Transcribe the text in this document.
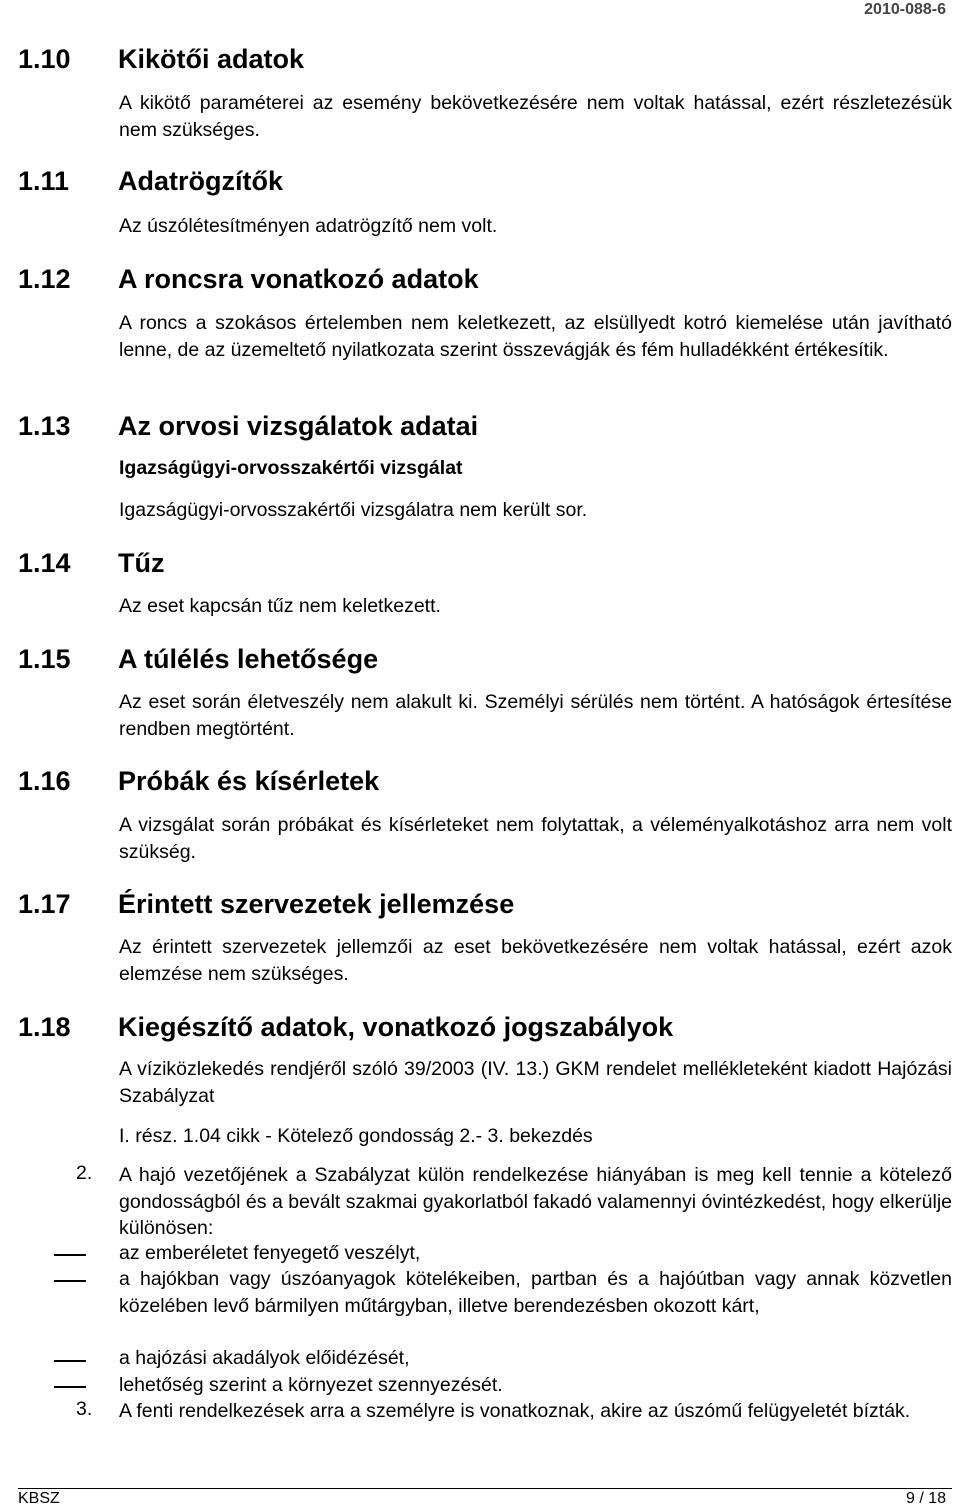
2010-088-6
1.10 Kikötői adatok
A kikötő paraméterei az esemény bekövetkezésére nem voltak hatással, ezért részletezésük nem szükséges.
1.11 Adatrögzítők
Az úszólétesítményen adatrögzítő nem volt.
1.12 A roncsra vonatkozó adatok
A roncs a szokásos értelemben nem keletkezett, az elsüllyedt kotró kiemelése után javítható lenne, de az üzemeltető nyilatkozata szerint összevágják és fém hulladékként értékesítik.
1.13 Az orvosi vizsgálatok adatai
Igazságügyi-orvosszakértői vizsgálat
Igazságügyi-orvosszakértői vizsgálatra nem került sor.
1.14 Tűz
Az eset kapcsán tűz nem keletkezett.
1.15 A túlélés lehetősége
Az eset során életveszély nem alakult ki. Személyi sérülés nem történt. A hatóságok értesítése rendben megtörtént.
1.16 Próbák és kísérletek
A vizsgálat során próbákat és kísérleteket nem folytattak, a véleményalkotáshoz arra nem volt szükség.
1.17 Érintett szervezetek jellemzése
Az érintett szervezetek jellemzői az eset bekövetkezésére nem voltak hatással, ezért azok elemzése nem szükséges.
1.18 Kiegészítő adatok, vonatkozó jogszabályok
A víziközlekedés rendjéről szóló 39/2003 (IV. 13.) GKM rendelet mellékleteként kiadott Hajózási Szabályzat
I. rész. 1.04 cikk - Kötelező gondosság 2.- 3. bekezdés
2. A hajó vezetőjének a Szabályzat külön rendelkezése hiányában is meg kell tennie a kötelező gondosságból és a bevált szakmai gyakorlatból fakadó valamennyi óvintézkedést, hogy elkerülje különösen:
az emberéletet fenyegető veszélyt,
a hajókban vagy úszóanyagok kötelékeiben, partban és a hajóútban vagy annak közvetlen közelében levő bármilyen műtárgyban, illetve berendezésben okozott kárt,
a hajózási akadályok előidézését,
lehetőség szerint a környezet szennyezését.
3. A fenti rendelkezések arra a személyre is vonatkoznak, akire az úszómű felügyeletét bízták.
KBSZ	9 / 18
